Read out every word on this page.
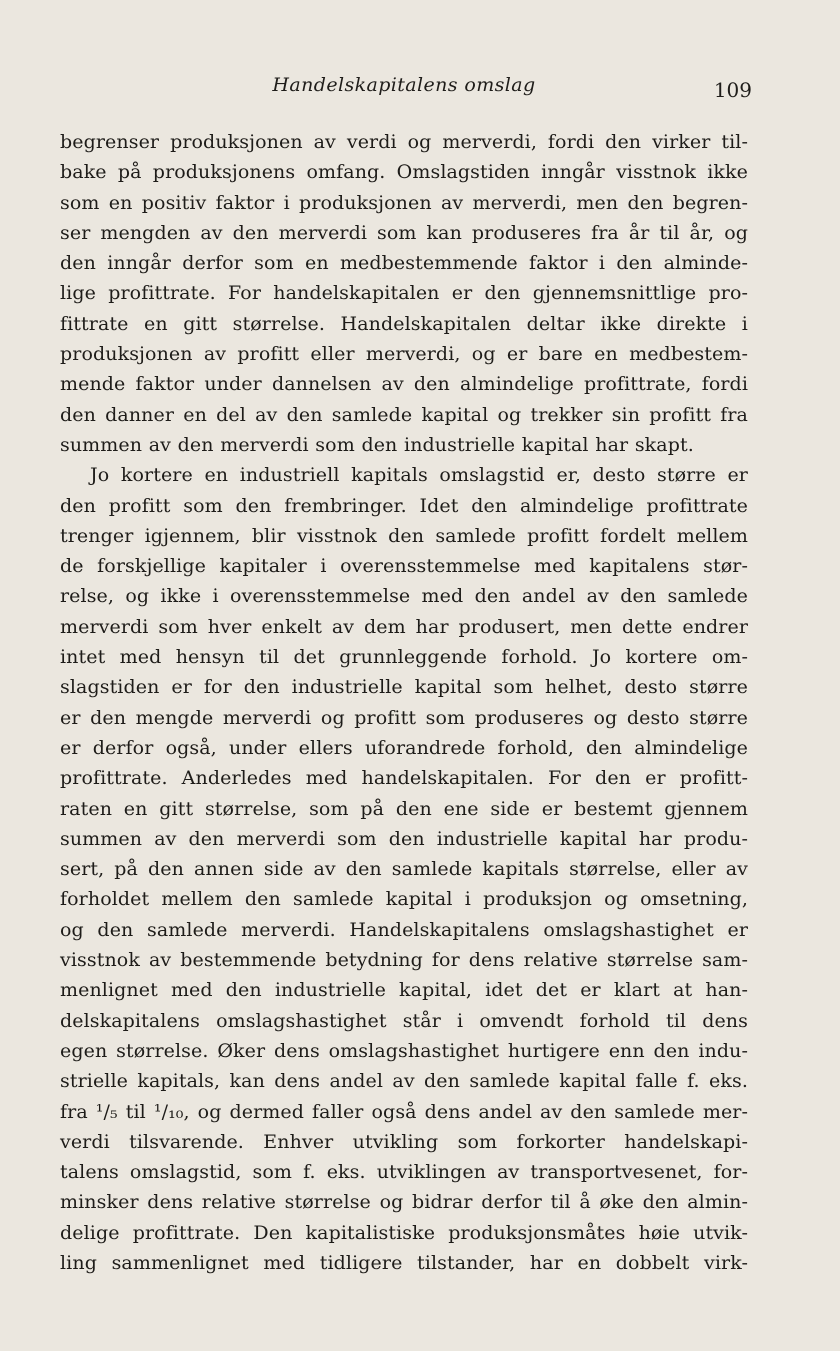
Handelskapitalens omslag	109
begrenser produksjonen av verdi og merverdi, fordi den virker til-
bake på produksjonens omfang. Omslagstiden inngår visstnok ikke
som en positiv faktor i produksjonen av merverdi, men den begren-
ser mengden av den merverdi som kan produseres fra år til år, og
den inngår derfor som en medbestemmende faktor i den alminde-
lige profittrate. For handelskapitalen er den gjennemsnittlige pro-
fittrate en gitt størrelse. Handelskapitalen deltar ikke direkte i
produksjonen av profitt eller merverdi, og er bare en medbestem-
mende faktor under dannelsen av den almindelige profittrate, fordi
den danner en del av den samlede kapital og trekker sin profitt fra
summen av den merverdi som den industrielle kapital har skapt.
Jo kortere en industriell kapitals omslagstid er, desto større er
den profitt som den frembringer. Idet den almindelige profittrate
trenger igjennem, blir visstnok den samlede profitt fordelt mellem
de forskjellige kapitaler i overensstemmelse med kapitalens stør-
relse, og ikke i overensstemmelse med den andel av den samlede
merverdi som hver enkelt av dem har produsert, men dette endrer
intet med hensyn til det grunnleggende forhold. Jo kortere om-
slagstiden er for den industrielle kapital som helhet, desto større
er den mengde merverdi og profitt som produseres og desto større
er derfor også, under ellers uforandrede forhold, den almindelige
profittrate. Anderledes med handelskapitalen. For den er profitt-
raten en gitt størrelse, som på den ene side er bestemt gjennem
summen av den merverdi som den industrielle kapital har produ-
sert, på den annen side av den samlede kapitals størrelse, eller av
forholdet mellem den samlede kapital i produksjon og omsetning,
og den samlede merverdi. Handelskapitalens omslagshastighet er
visstnok av bestemmende betydning for dens relative størrelse sam-
menlignet med den industrielle kapital, idet det er klart at han-
delskapitalens omslagshastighet står i omvendt forhold til dens
egen størrelse. Øker dens omslagshastighet hurtigere enn den indu-
strielle kapitals, kan dens andel av den samlede kapital falle f. eks.
fra ¹/₅ til ¹/₁₀, og dermed faller også dens andel av den samlede mer-
verdi tilsvarende. Enhver utvikling som forkorter handelskapi-
talens omslagstid, som f. eks. utviklingen av transportvesenet, for-
minsker dens relative størrelse og bidrar derfor til å øke den almin-
delige profittrate. Den kapitalistiske produksjonsmåtes høie utvik-
ling sammenlignet med tidligere tilstander, har en dobbelt virk-
